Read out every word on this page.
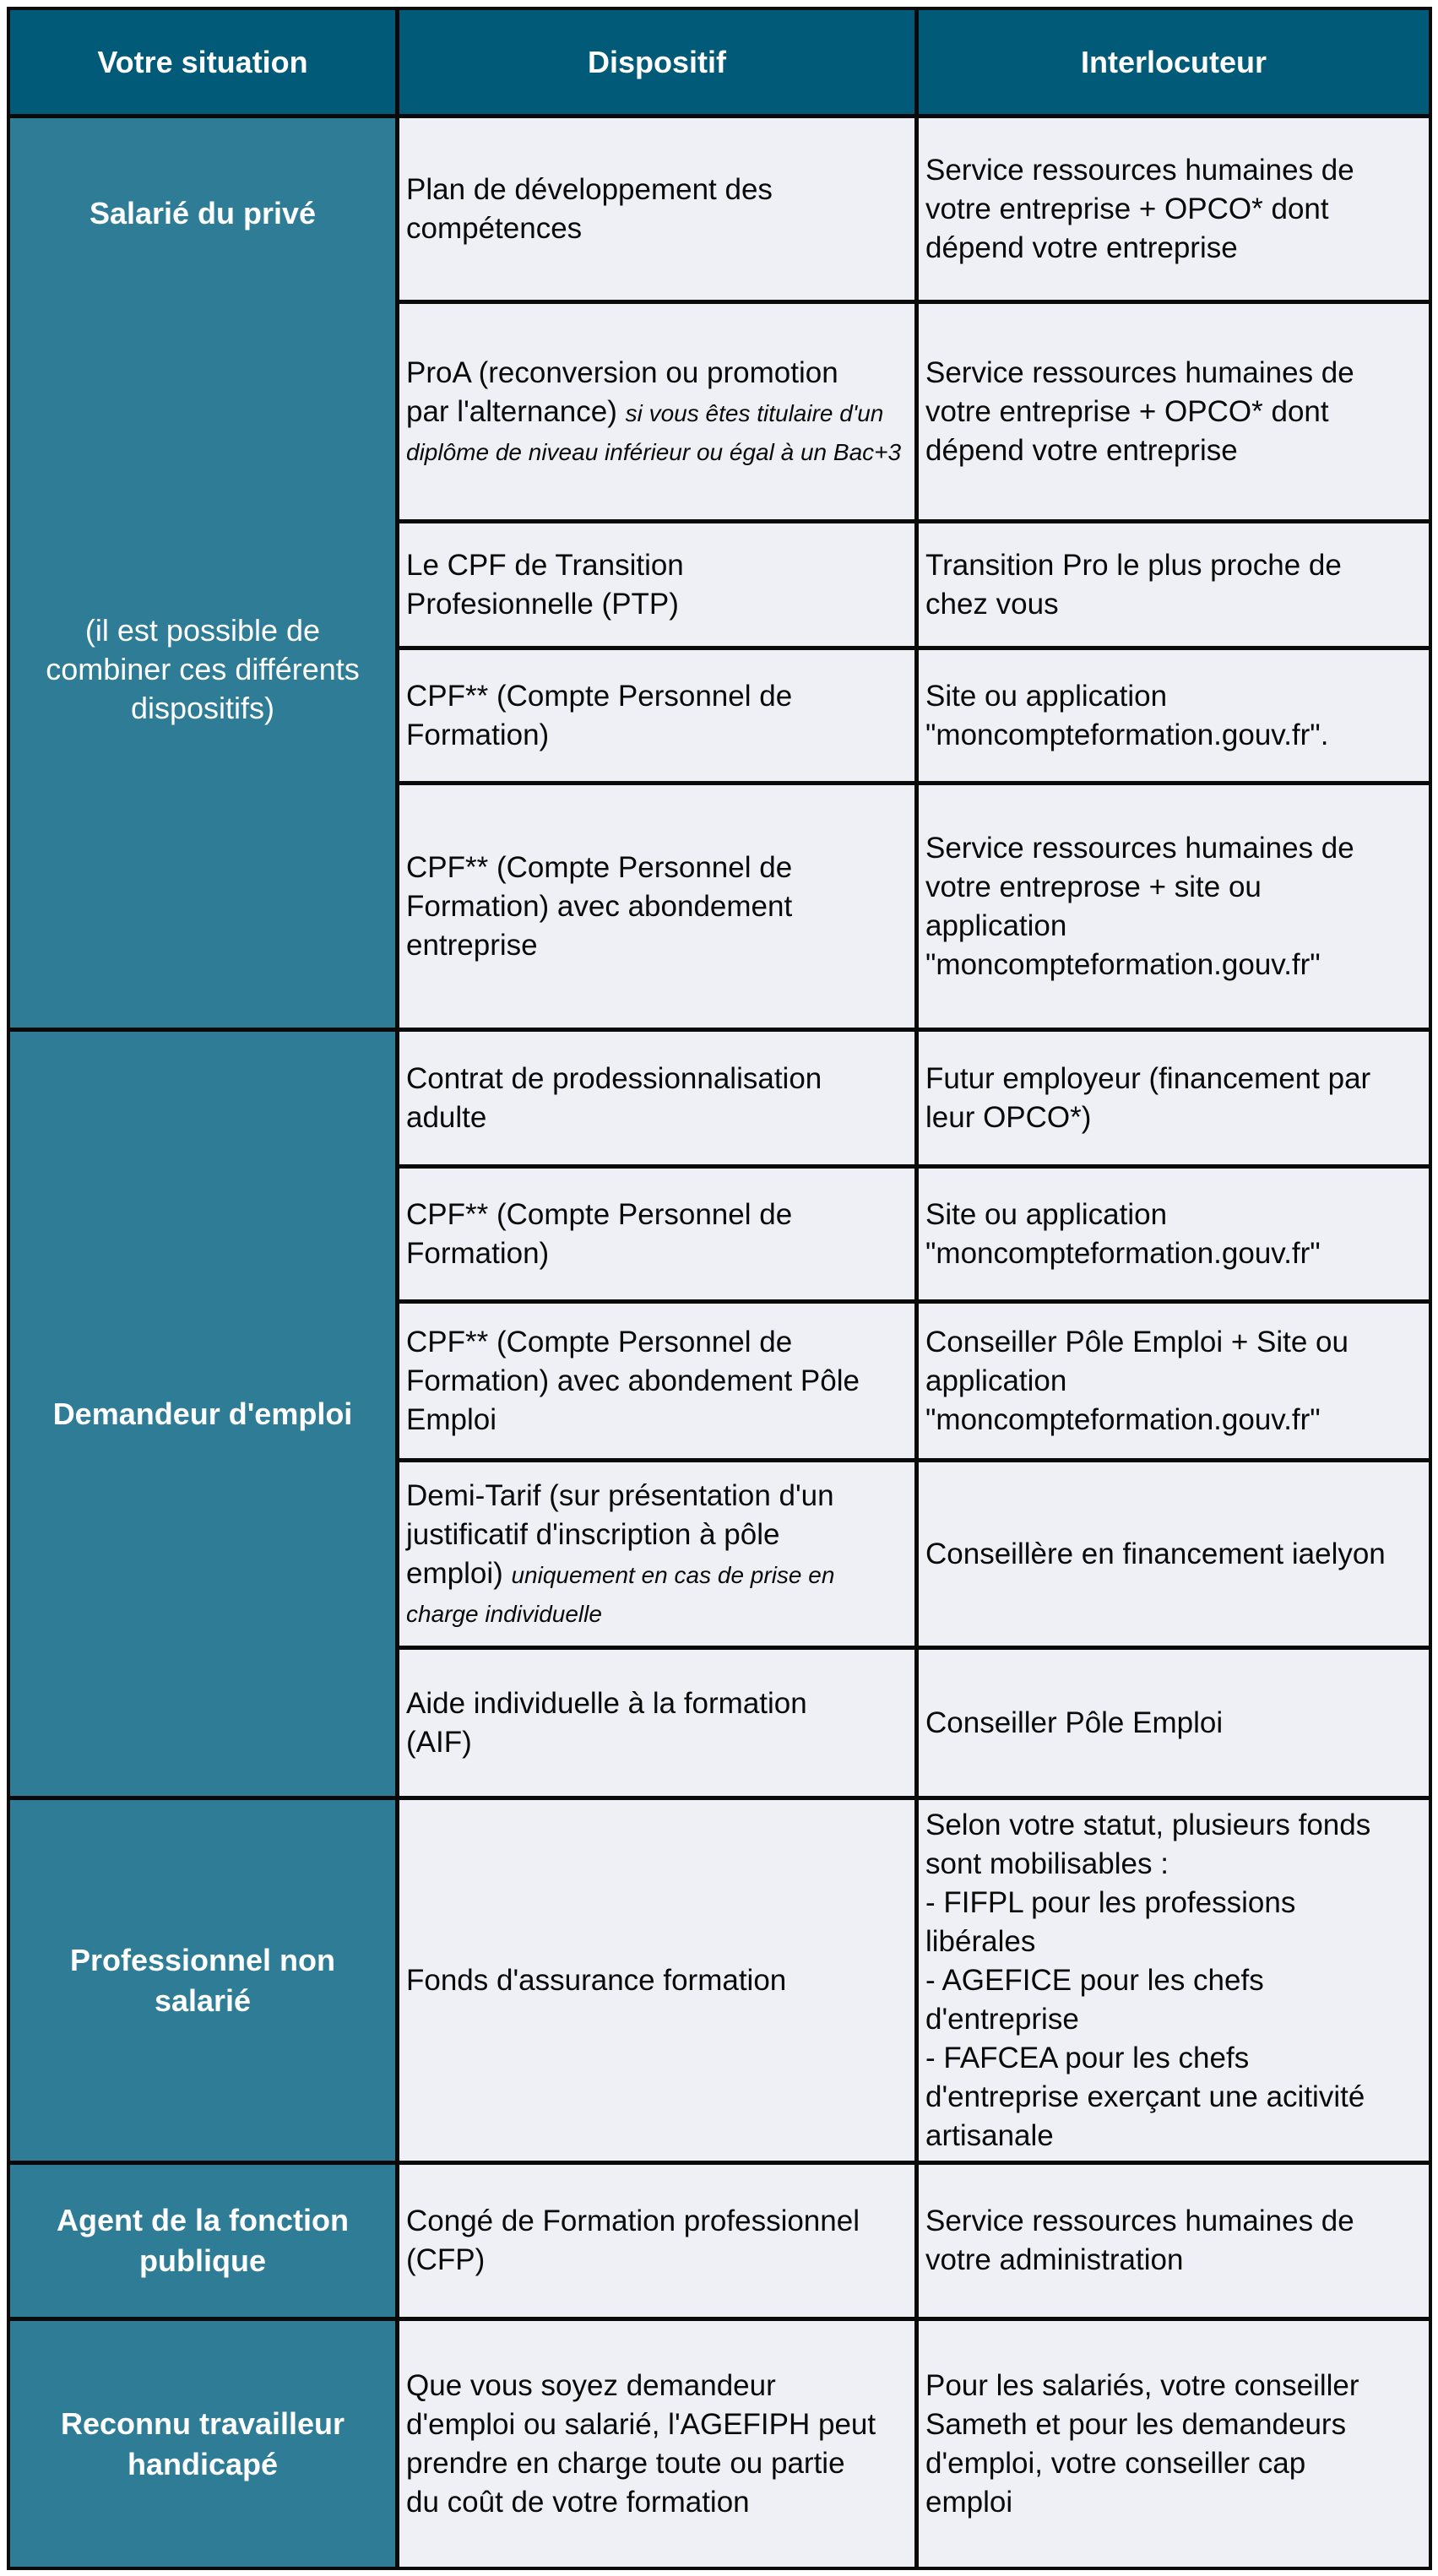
Votre situation	Dispositif	Interlocuteur
Salarié du privé
(il est possible de
combiner ces différents
dispositifs)
Plan de développement des
compétences
Service ressources humaines de
votre entreprise + OPCO* dont
dépend votre entreprise
ProA (reconversion ou promotion
par l'alternance) si vous êtes titulaire d'un diplôme de niveau inférieur ou égal à un Bac+3
Service ressources humaines de
votre entreprise + OPCO* dont
dépend votre entreprise
Le CPF de Transition
Profesionnelle (PTP)
Transition Pro le plus proche de
chez vous
CPF** (Compte Personnel de
Formation)
Site ou application
"moncompteformation.gouv.fr".
CPF** (Compte Personnel de
Formation) avec abondement
entreprise
Service ressources humaines de
votre entreprose + site ou
application
"moncompteformation.gouv.fr"
Demandeur d'emploi
Contrat de prodessionnalisation
adulte
Futur employeur (financement par
leur OPCO*)
CPF** (Compte Personnel de
Formation)
Site ou application
"moncompteformation.gouv.fr"
CPF** (Compte Personnel de
Formation) avec abondement Pôle
Emploi
Conseiller Pôle Emploi + Site ou
application
"moncompteformation.gouv.fr"
Demi-Tarif (sur présentation d'un
justificatif d'inscription à pôle
emploi) uniquement en cas de prise en charge individuelle
Conseillère en financement iaelyon
Aide individuelle à la formation
(AIF)
Conseiller Pôle Emploi
Professionnel non
salarié
Fonds d'assurance formation
Selon votre statut, plusieurs fonds
sont mobilisables :
- FIFPL pour les professions
libérales
- AGEFICE pour les chefs
d'entreprise
- FAFCEA pour les chefs
d'entreprise exerçant une acitivité
artisanale
Agent de la fonction
publique
Congé de Formation professionnel
(CFP)
Service ressources humaines de
votre administration
Reconnu travailleur
handicapé
Que vous soyez demandeur
d'emploi ou salarié, l'AGEFIPH peut
prendre en charge toute ou partie
du coût de votre formation
Pour les salariés, votre conseiller
Sameth et pour les demandeurs
d'emploi, votre conseiller cap
emploi
